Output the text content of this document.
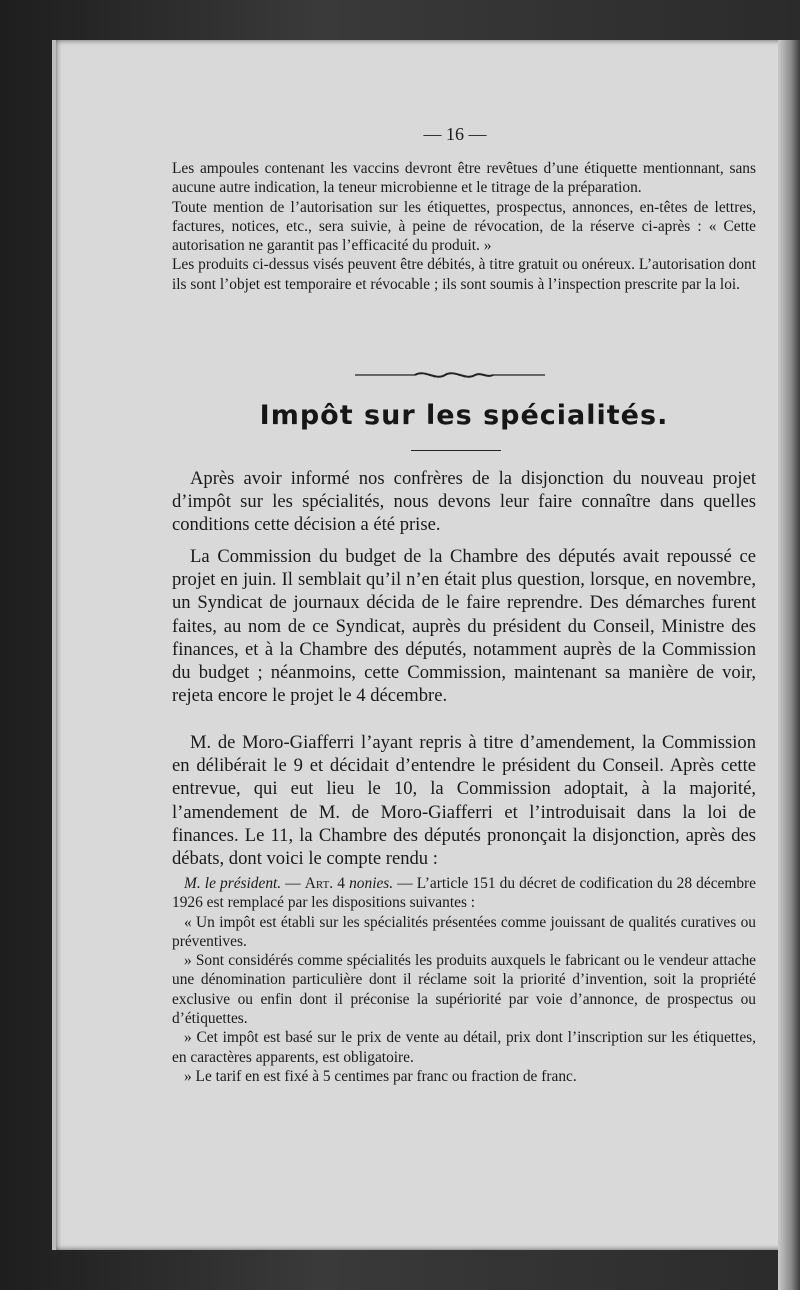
— 16 —

Les ampoules contenant les vaccins devront être revêtues d’une étiquette mentionnant, sans aucune autre indication, la teneur microbienne et le titrage de la préparation.

Toute mention de l’autorisation sur les étiquettes, prospectus, annonces, en-têtes de lettres, factures, notices, etc., sera suivie, à peine de révocation, de la réserve ci-après : « Cette autorisation ne garantit pas l’efficacité du produit. »

Les produits ci-dessus visés peuvent être débités, à titre gratuit ou onéreux. L’autorisation dont ils sont l’objet est temporaire et révocable ; ils sont soumis à l’inspection prescrite par la loi.

Impôt sur les spécialités.

Après avoir informé nos confrères de la disjonction du nouveau projet d’impôt sur les spécialités, nous devons leur faire connaître dans quelles conditions cette décision a été prise.

La Commission du budget de la Chambre des députés avait repoussé ce projet en juin. Il semblait qu’il n’en était plus question, lorsque, en novembre, un Syndicat de journaux décida de le faire reprendre. Des démarches furent faites, au nom de ce Syndicat, auprès du président du Conseil, Ministre des finances, et à la Chambre des députés, notamment auprès de la Commission du budget ; néanmoins, cette Commission, maintenant sa manière de voir, rejeta encore le projet le 4 décembre.

M. de Moro-Giafferri l’ayant repris à titre d’amendement, la Commission en délibérait le 9 et décidait d’entendre le président du Conseil. Après cette entrevue, qui eut lieu le 10, la Commission adoptait, à la majorité, l’amendement de M. de Moro-Giafferri et l’introduisait dans la loi de finances. Le 11, la Chambre des députés prononçait la disjonction, après des débats, dont voici le compte rendu :

M. le président. — Art. 4 nonies. — L’article 151 du décret de codification du 28 décembre 1926 est remplacé par les dispositions suivantes :

« Un impôt est établi sur les spécialités présentées comme jouissant de qualités curatives ou préventives.

» Sont considérés comme spécialités les produits auxquels le fabricant ou le vendeur attache une dénomination particulière dont il réclame soit la priorité d’invention, soit la propriété exclusive ou enfin dont il préconise la supériorité par voie d’annonce, de prospectus ou d’étiquettes.

» Cet impôt est basé sur le prix de vente au détail, prix dont l’inscription sur les étiquettes, en caractères apparents, est obligatoire.

» Le tarif en est fixé à 5 centimes par franc ou fraction de franc.
